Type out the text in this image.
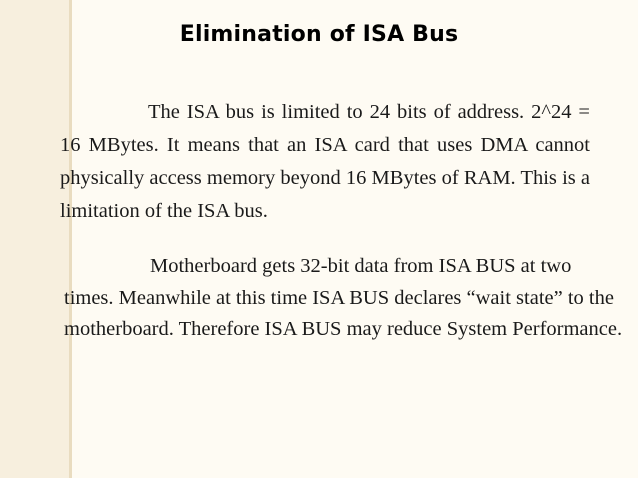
Elimination of ISA Bus

The ISA bus is limited to 24 bits of address. 2^24 = 16 MBytes. It means that an ISA card that uses DMA cannot physically access memory beyond 16 MBytes of RAM. This is a limitation of the ISA bus.

Motherboard gets 32-bit data from ISA BUS at two times. Meanwhile at this time ISA BUS declares “wait state” to the motherboard. Therefore ISA BUS may reduce System Performance.
